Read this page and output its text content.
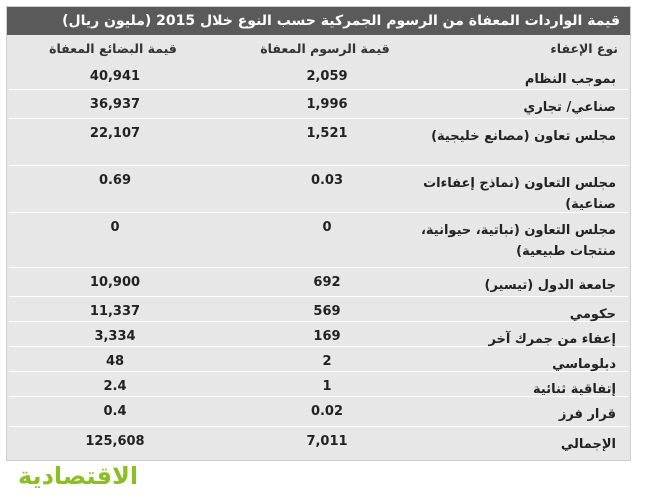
قيمة الواردات المعفاة من الرسوم الجمركية حسب النوع خلال 2015 (مليون ريال)
نوع الإعفاء
قيمة الرسوم المعفاة
قيمة البضائع المعفاة
بموجب النظام
2,059
40,941
صناعي/ تجاري
1,996
36,937
مجلس تعاون (مصانع خليجية)
1,521
22,107
مجلس التعاون (نماذج إعفاءات صناعية)
0.03
0.69
مجلس التعاون (نباتية، حيوانية، منتجات طبيعية)
0
0
جامعة الدول (تيسير)
692
10,900
حكومي
569
11,337
إعفاء من جمرك آخر
169
3,334
دبلوماسي
2
48
إتفاقية ثنائية
1
2.4
قرار فرز
0.02
0.4
الإجمالي
7,011
125,608
الاقتصادية
